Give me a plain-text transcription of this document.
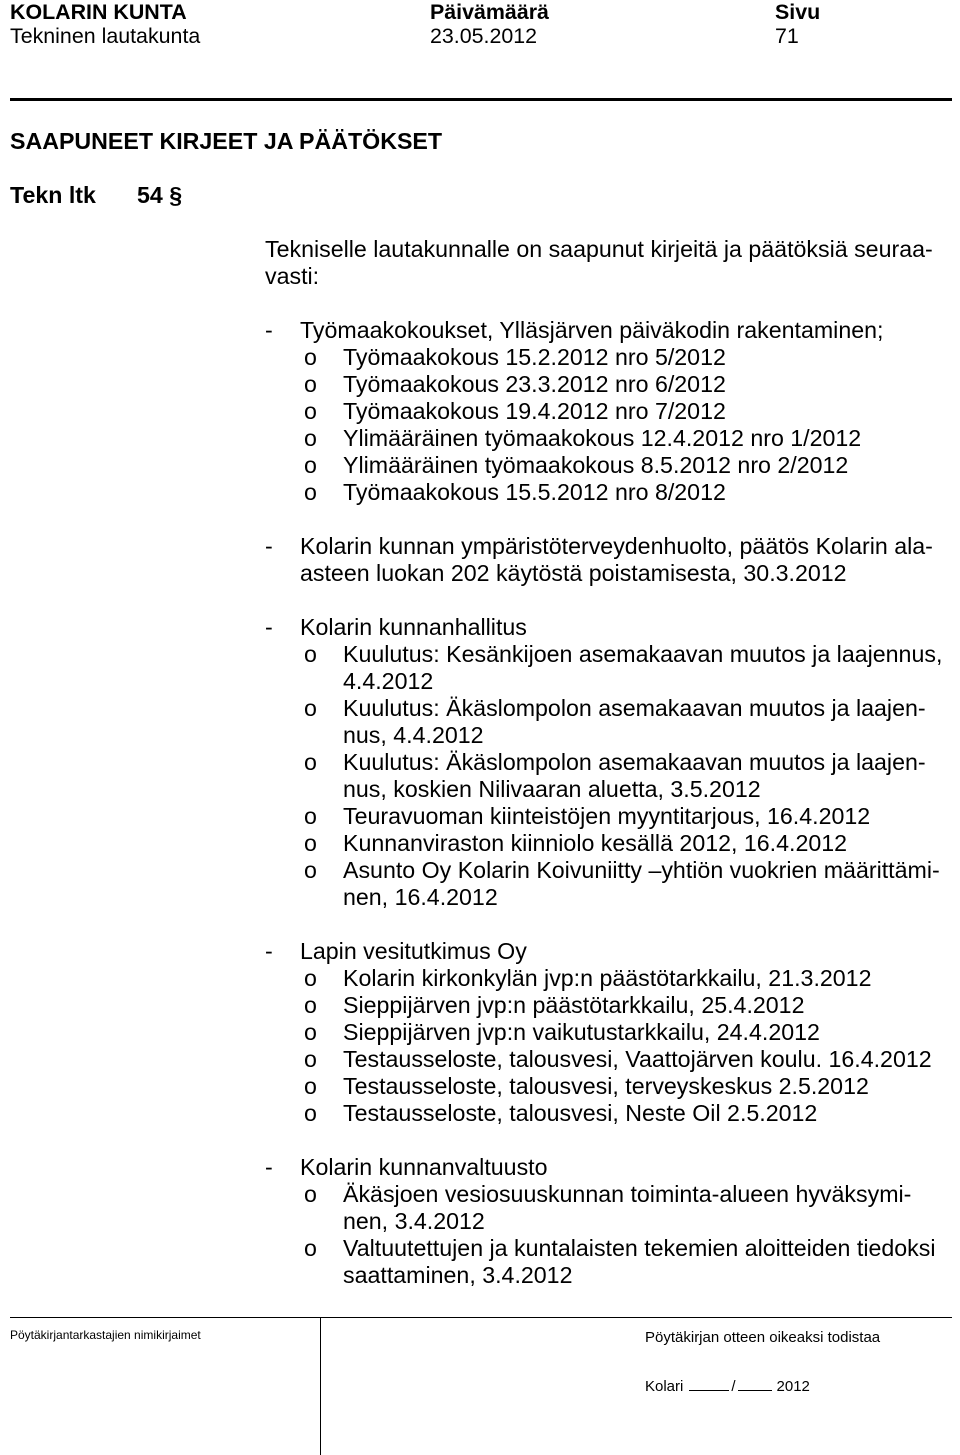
KOLARIN KUNTA
Tekninen lautakunta
Päivämäärä
23.05.2012
Sivu
71
SAAPUNEET KIRJEET JA PÄÄTÖKSET
Tekn ltk 54 §
Tekniselle lautakunnalle on saapunut kirjeitä ja päätöksiä seuraa-
vasti:
- Työmaakokoukset, Ylläsjärven päiväkodin rakentaminen;
o Työmaakokous 15.2.2012 nro 5/2012
o Työmaakokous 23.3.2012 nro 6/2012
o Työmaakokous 19.4.2012 nro 7/2012
o Ylimääräinen työmaakokous 12.4.2012 nro 1/2012
o Ylimääräinen työmaakokous 8.5.2012 nro 2/2012
o Työmaakokous 15.5.2012 nro 8/2012
- Kolarin kunnan ympäristöterveydenhuolto, päätös Kolarin ala-
asteen luokan 202 käytöstä poistamisesta, 30.3.2012
- Kolarin kunnanhallitus
o Kuulutus: Kesänkijoen asemakaavan muutos ja laajennus,
4.4.2012
o Kuulutus: Äkäslompolon asemakaavan muutos ja laajen-
nus, 4.4.2012
o Kuulutus: Äkäslompolon asemakaavan muutos ja laajen-
nus, koskien Nilivaaran aluetta, 3.5.2012
o Teuravuoman kiinteistöjen myyntitarjous, 16.4.2012
o Kunnanviraston kiinniolo kesällä 2012, 16.4.2012
o Asunto Oy Kolarin Koivuniitty –yhtiön vuokrien määrittämi-
nen, 16.4.2012
- Lapin vesitutkimus Oy
o Kolarin kirkonkylän jvp:n päästötarkkailu, 21.3.2012
o Sieppijärven jvp:n päästötarkkailu, 25.4.2012
o Sieppijärven jvp:n vaikutustarkkailu, 24.4.2012
o Testausseloste, talousvesi, Vaattojärven koulu. 16.4.2012
o Testausseloste, talousvesi, terveyskeskus 2.5.2012
o Testausseloste, talousvesi, Neste Oil 2.5.2012
- Kolarin kunnanvaltuusto
o Äkäsjoen vesiosuuskunnan toiminta-alueen hyväksymi-
nen, 3.4.2012
o Valtuutettujen ja kuntalaisten tekemien aloitteiden tiedoksi
saattaminen, 3.4.2012
Pöytäkirjantarkastajien nimikirjaimet	Pöytäkirjan otteen oikeaksi todistaa
Kolari	/	2012
